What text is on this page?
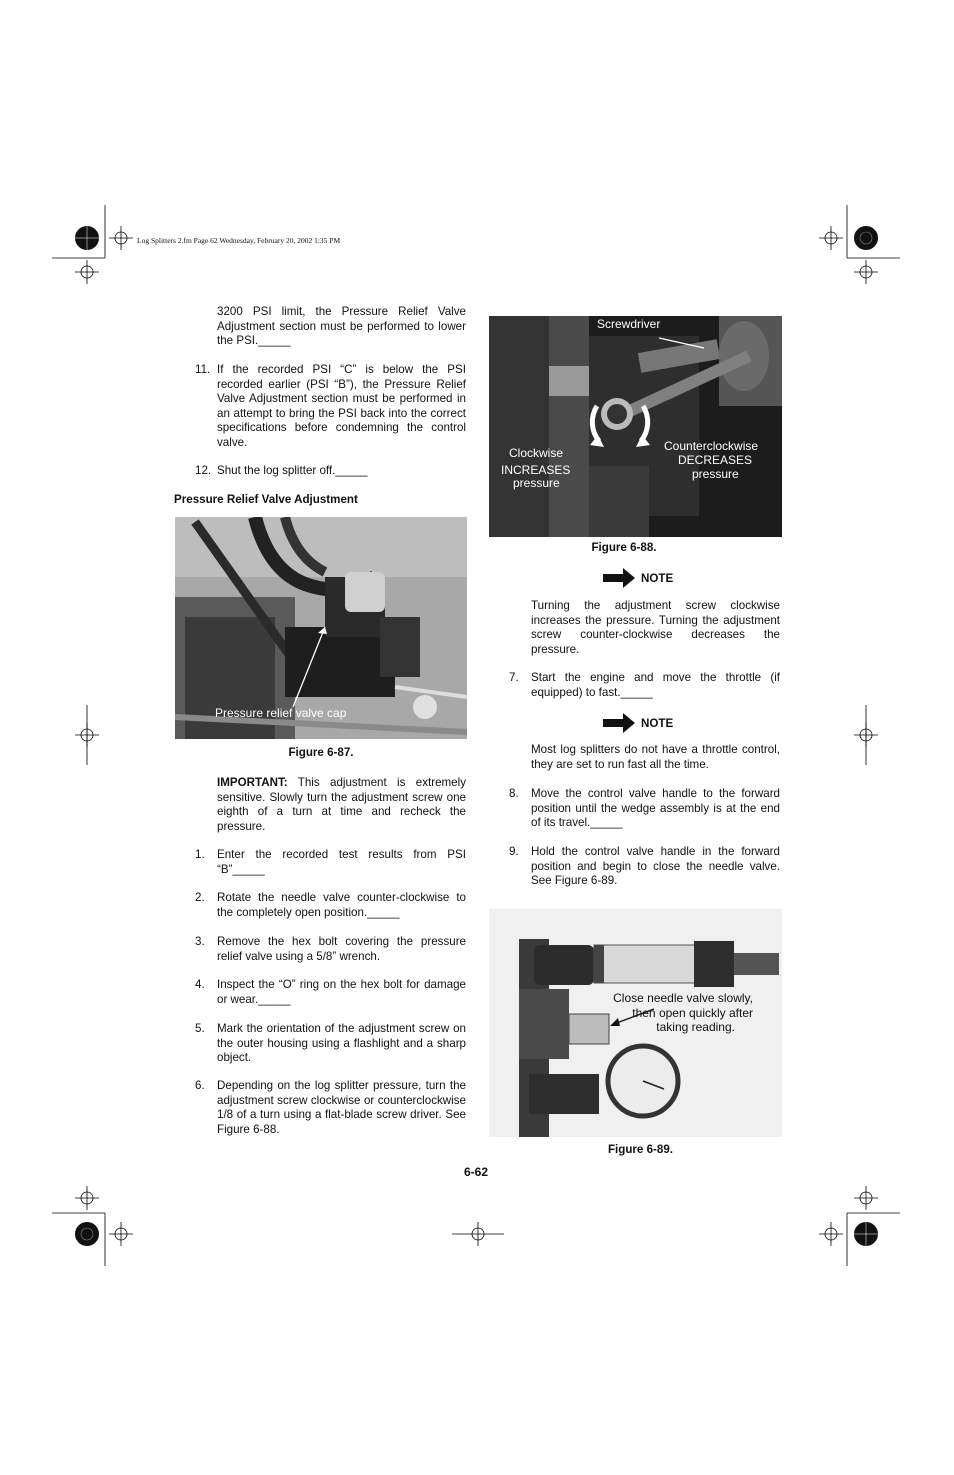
Log Splitters 2.fm Page 62 Wednesday, February 20, 2002 1:35 PM
3200 PSI limit, the Pressure Relief Valve Adjustment section must be performed to lower the PSI._____
11. If the recorded PSI “C” is below the PSI recorded earlier (PSI “B”), the Pressure Relief Valve Adjustment section must be performed in an attempt to bring the PSI back into the correct specifications before condemning the control valve.
12. Shut the log splitter off._____
Pressure Relief Valve Adjustment
Pressure relief valve cap
Figure 6-87.
IMPORTANT: This adjustment is extremely sensitive. Slowly turn the adjustment screw one eighth of a turn at time and recheck the pressure.
1. Enter the recorded test results from PSI “B”_____
2. Rotate the needle valve counter-clockwise to the completely open position._____
3. Remove the hex bolt covering the pressure relief valve using a 5/8” wrench.
4. Inspect the “O” ring on the hex bolt for damage or wear._____
5. Mark the orientation of the adjustment screw on the outer housing using a flashlight and a sharp object.
6. Depending on the log splitter pressure, turn the adjustment screw clockwise or counterclockwise 1/8 of a turn using a flat-blade screw driver. See Figure 6-88.
Screwdriver
Clockwise
INCREASES
pressure
Counterclockwise
DECREASES
pressure
Figure 6-88.
NOTE
Turning the adjustment screw clockwise increases the pressure. Turning the adjustment screw counter-clockwise decreases the pressure.
7. Start the engine and move the throttle (if equipped) to fast._____
NOTE
Most log splitters do not have a throttle control, they are set to run fast all the time.
8. Move the control valve handle to the forward position until the wedge assembly is at the end of its travel._____
9. Hold the control valve handle in the forward position and begin to close the needle valve. See Figure 6-89.
Close needle valve slowly,
then open quickly after
taking reading.
Figure 6-89.
6-62
